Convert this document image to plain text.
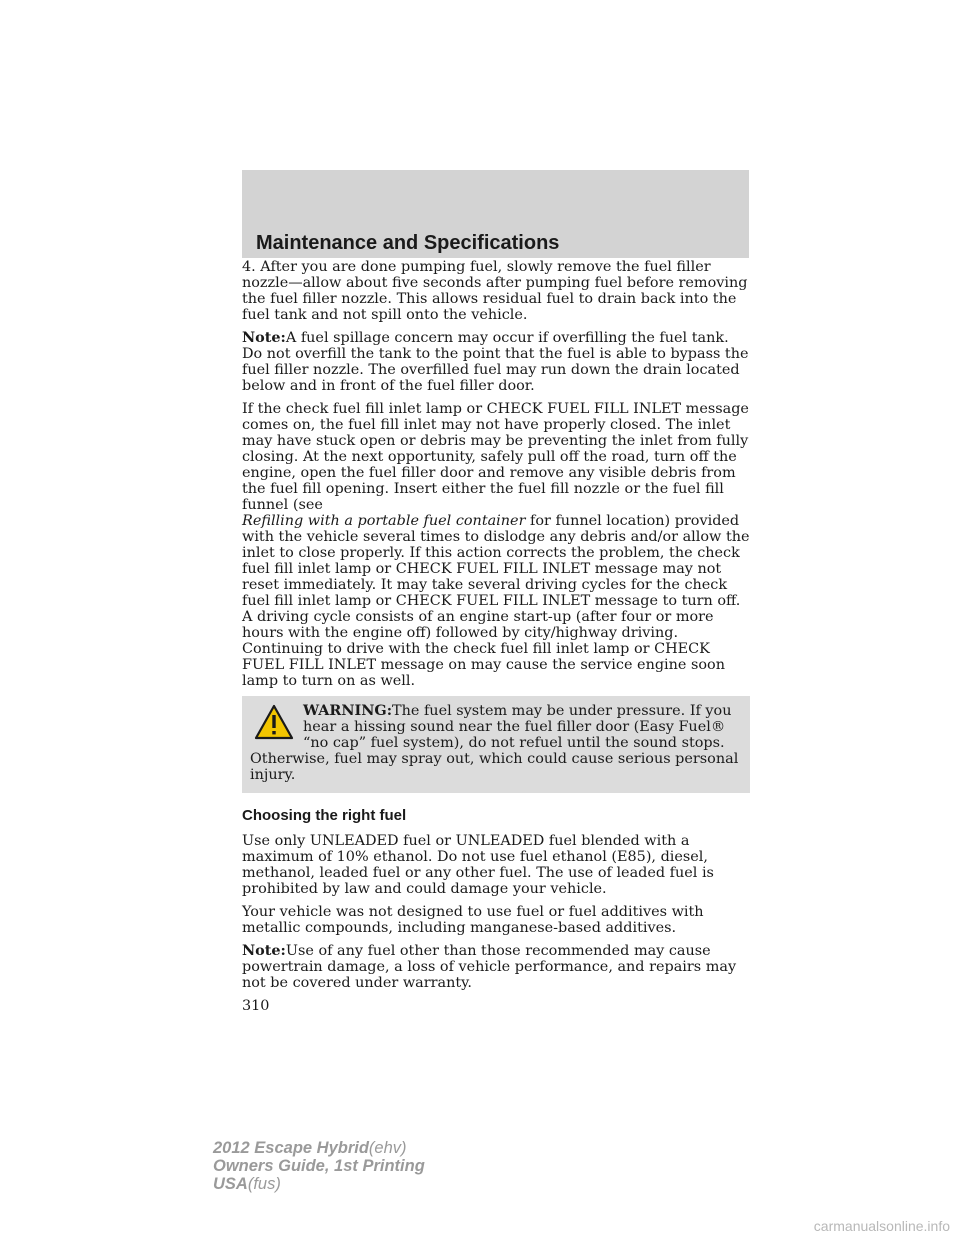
Maintenance and Specifications

4. After you are done pumping fuel, slowly remove the fuel filler nozzle—allow about five seconds after pumping fuel before removing the fuel filler nozzle. This allows residual fuel to drain back into the fuel tank and not spill onto the vehicle.

Note:A fuel spillage concern may occur if overfilling the fuel tank. Do not overfill the tank to the point that the fuel is able to bypass the fuel filler nozzle. The overfilled fuel may run down the drain located below and in front of the fuel filler door.

If the check fuel fill inlet lamp or CHECK FUEL FILL INLET message comes on, the fuel fill inlet may not have properly closed. The inlet may have stuck open or debris may be preventing the inlet from fully closing. At the next opportunity, safely pull off the road, turn off the engine, open the fuel filler door and remove any visible debris from the fuel fill opening. Insert either the fuel fill nozzle or the fuel fill funnel (see
Refilling with a portable fuel container for funnel location) provided with the vehicle several times to dislodge any debris and/or allow the inlet to close properly. If this action corrects the problem, the check fuel fill inlet lamp or CHECK FUEL FILL INLET message may not reset immediately. It may take several driving cycles for the check fuel fill inlet lamp or CHECK FUEL FILL INLET message to turn off. A driving cycle consists of an engine start-up (after four or more hours with the engine off) followed by city/highway driving. Continuing to drive with the check fuel fill inlet lamp or CHECK FUEL FILL INLET message on may cause the service engine soon lamp to turn on as well.

WARNING:The fuel system may be under pressure. If you hear a hissing sound near the fuel filler door (Easy Fuel® “no cap” fuel system), do not refuel until the sound stops. Otherwise, fuel may spray out, which could cause serious personal injury.

Choosing the right fuel

Use only UNLEADED fuel or UNLEADED fuel blended with a maximum of 10% ethanol. Do not use fuel ethanol (E85), diesel, methanol, leaded fuel or any other fuel. The use of leaded fuel is prohibited by law and could damage your vehicle.

Your vehicle was not designed to use fuel or fuel additives with metallic compounds, including manganese-based additives.

Note:Use of any fuel other than those recommended may cause powertrain damage, a loss of vehicle performance, and repairs may not be covered under warranty.

310
2012 Escape Hybrid(ehv)
Owners Guide, 1st Printing
USA(fus)
carmanualsonline.info
